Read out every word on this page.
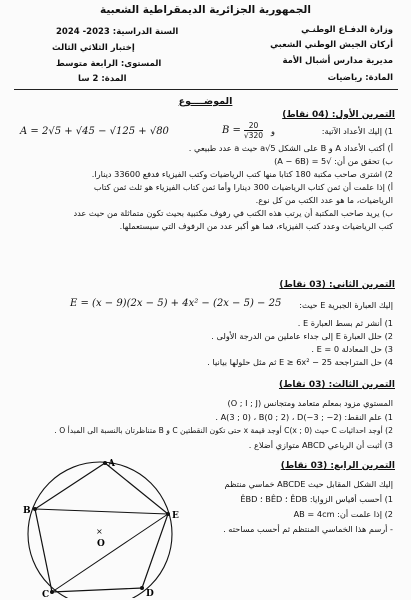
الجمهورية الجزائرية الديمقراطية الشعبية
وزارة الدفـاع الوطنـي
أركان الجيش الوطني الشعبي
مديرية مدارس أشبال الأمة
المادة: رياضيات
السنة الدراسية: 2023- 2024
إختبار الثلاثي الثالث
المستوى: الرابعة متوسط
المدة: 2 سا
الموضــــوع
التمرين الأول: (04 نقاط)
1) إليك الأعداد الآتية:
$B = \frac{20}{√320}$ و
A = 2√5 + √45 − √125 + √80
أ) أكتب الأعداد A و B على الشكل a√5 حيث a عدد طبيعي .
ب) تحقق من أن: √5 = (A − 6B)
2) اشترى صاحب مكتبة 180 كتابا منها كتب الرياضيات وكتب الفيزياء فدفع 33600 دينارا.
أ) إذا علمت أن ثمن كتاب الرياضيات 300 دينارا وأما ثمن كتاب الفيزياء هو ثلث ثمن كتاب
الرياضيات، ما هو عدد الكتب من كل نوع.
ب) يريد صاحب المكتبة أن يرتب هذه الكتب في رفوف مكتبية بحيث تكون متماثلة من حيث عدد
كتب الرياضيات وعدد كتب الفيزياء، فما هو أكبر عدد من الرفوف التي سيستعملها.
التمرين الثاني: (03 نقاط)
إليك العبارة الجبرية E حيث:
E = (x − 9)(2x − 5) + 4x² − (2x − 5) − 25
1) أنشر ثم بسط العبارة E .
2) حلل العبارة E إلى جداء عاملين من الدرجة الأولى .
3) حل المعادلة E = 0 .
4) حل المتراجحة E ≥ 6x² − 25 ثم مثل حلولها بيانيا .
التمرين الثالث: (03 نقاط)
المستوي مزود بمعلم متعامد ومتجانس (O ; I ; J)
1) علم النقط: A(3 ; 0) ، B(0 ; 2) ، D(−3 ; −2) .
2) أوجد احداثيات C حيث C(x ; 0) أوجد قيمة x حتى تكون النقطتين C و B متناظرتان بالنسبة الى المبدأ O .
3) أثبت أن الرباعي ABCD متوازي أضلاع .
التمرين الرابع: (03 نقاط)
إليك الشكل المقابل حيث ABCDE خماسي منتظم
1) أحسب أقياس الزوايا: ÊDB ؛ BÊD ؛ ÊBD
2) إذا علمت أن: AB = 4cm
- أرسم هذا الخماسي المنتظم ثم أحسب مساحته .
×
A
E
D
C
B
O
